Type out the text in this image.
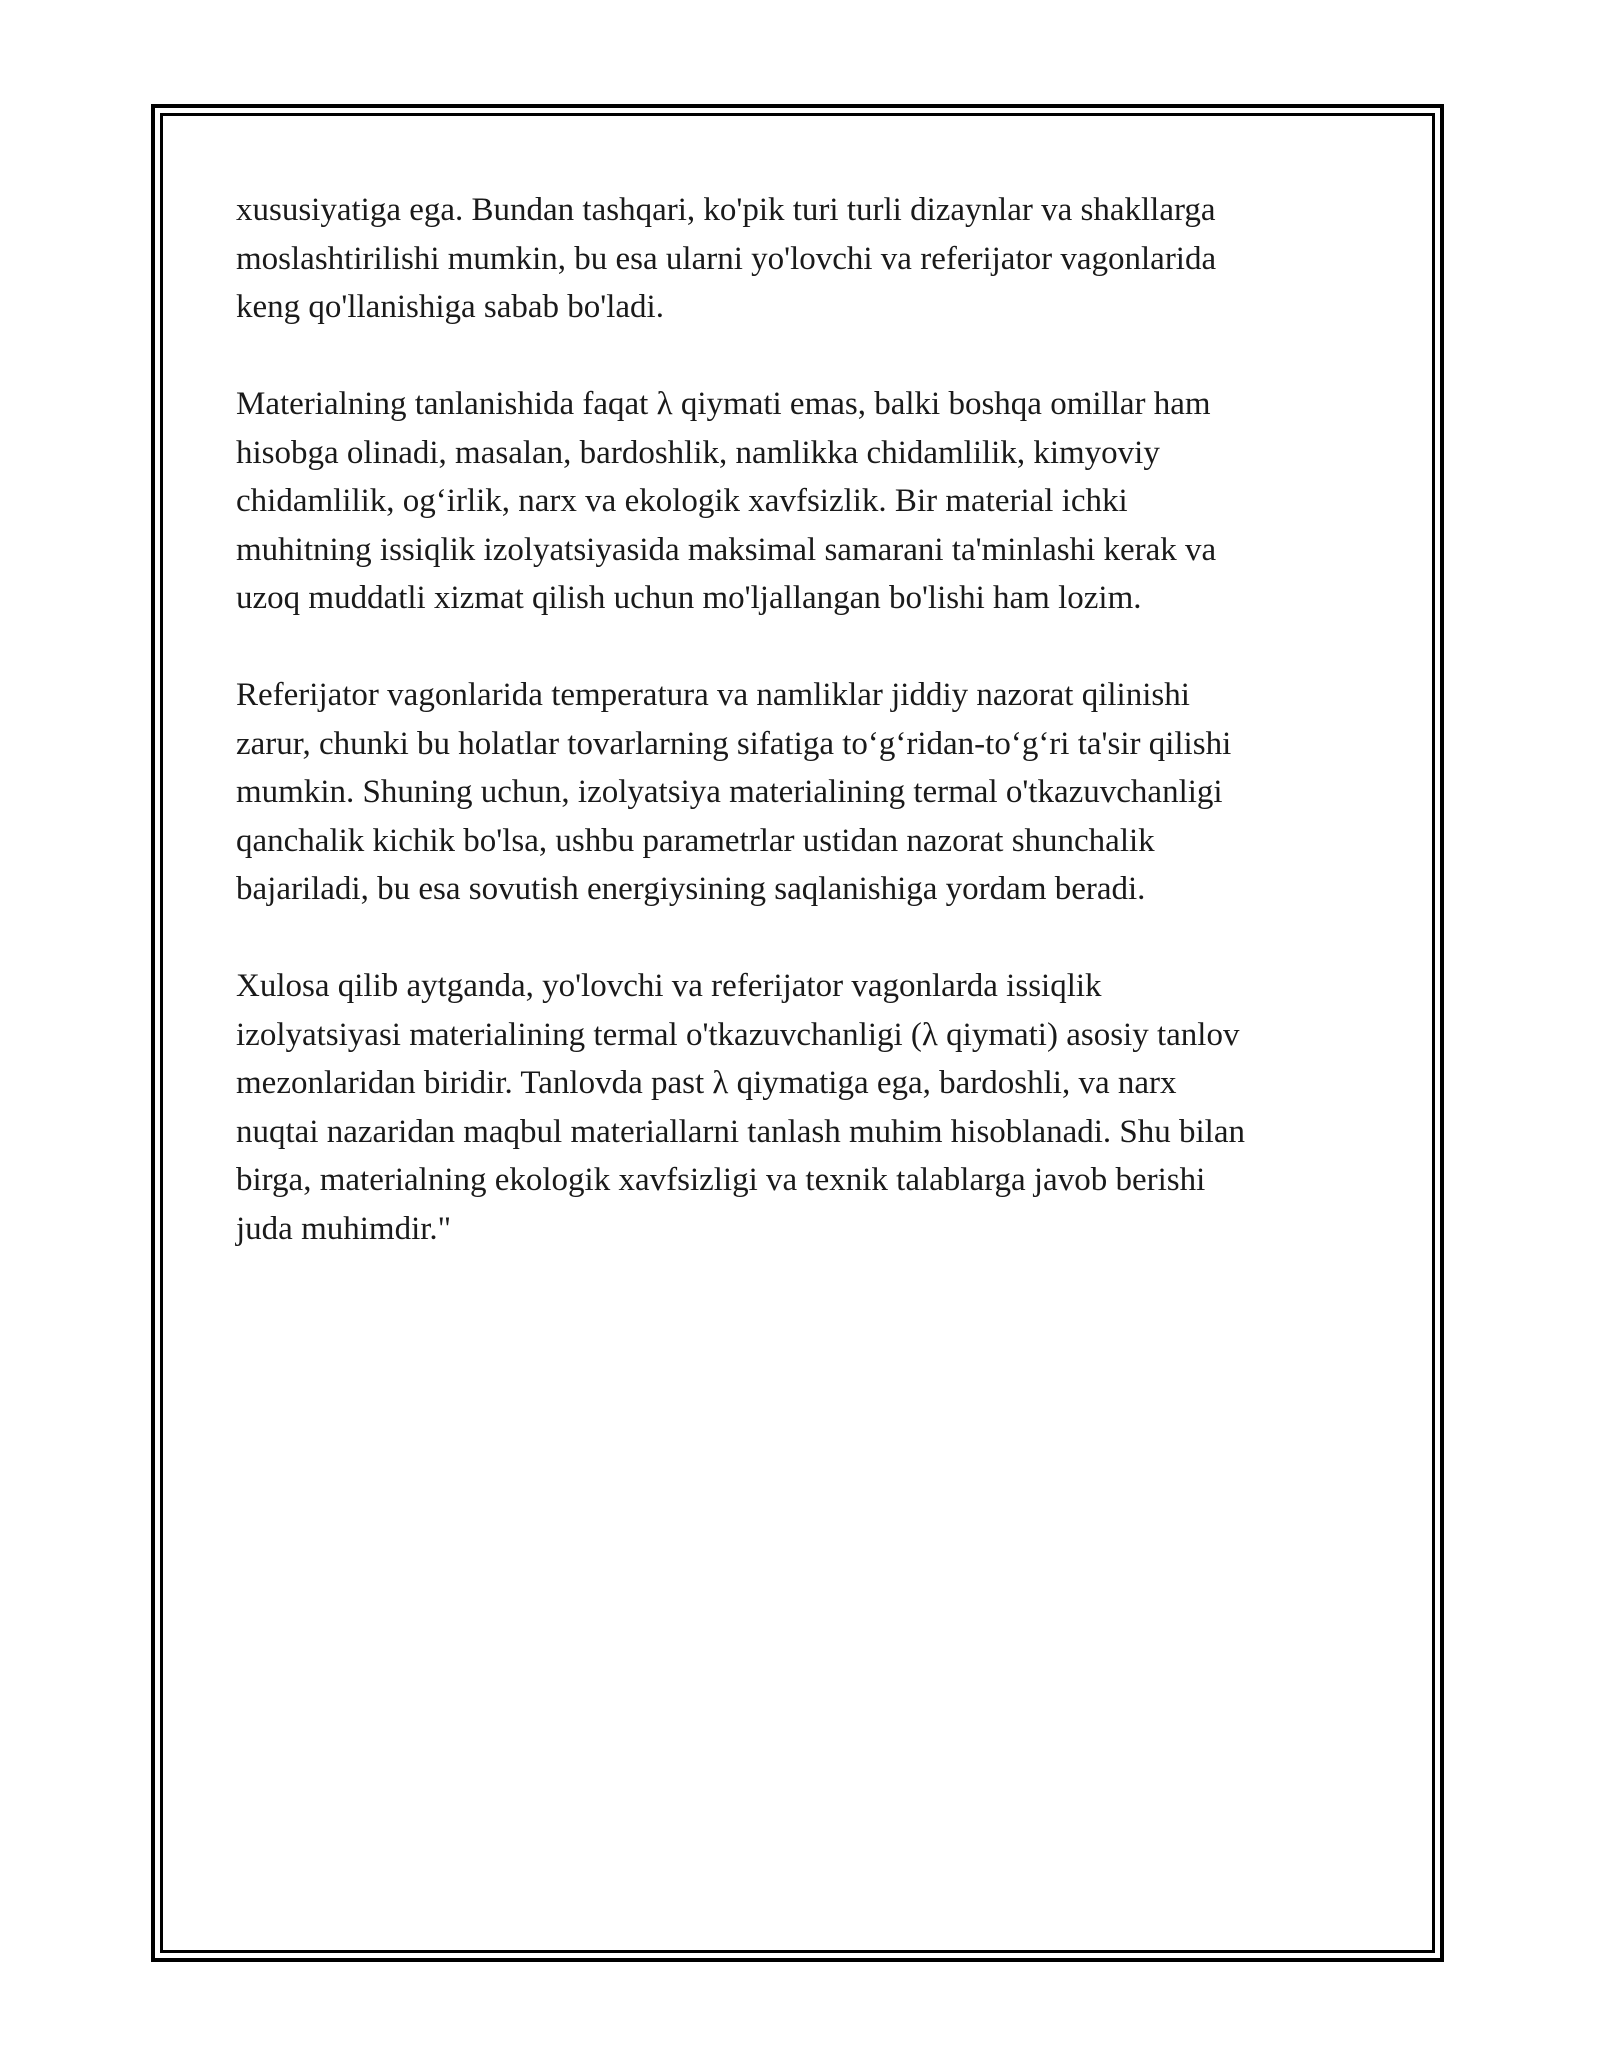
xususiyatiga ega. Bundan tashqari, ko'pik turi turli dizaynlar va shakllarga
moslashtirilishi mumkin, bu esa ularni yo'lovchi va referijator vagonlarida
keng qo'llanishiga sabab bo'ladi.

Materialning tanlanishida faqat λ qiymati emas, balki boshqa omillar ham
hisobga olinadi, masalan, bardoshlik, namlikka chidamlilik, kimyoviy
chidamlilik, ogʻirlik, narx va ekologik xavfsizlik. Bir material ichki
muhitning issiqlik izolyatsiyasida maksimal samarani ta'minlashi kerak va
uzoq muddatli xizmat qilish uchun mo'ljallangan bo'lishi ham lozim.

Referijator vagonlarida temperatura va namliklar jiddiy nazorat qilinishi
zarur, chunki bu holatlar tovarlarning sifatiga toʻgʻridan-toʻgʻri ta'sir qilishi
mumkin. Shuning uchun, izolyatsiya materialining termal o'tkazuvchanligi
qanchalik kichik bo'lsa, ushbu parametrlar ustidan nazorat shunchalik
bajariladi, bu esa sovutish energiysining saqlanishiga yordam beradi.

Xulosa qilib aytganda, yo'lovchi va referijator vagonlarda issiqlik
izolyatsiyasi materialining termal o'tkazuvchanligi (λ qiymati) asosiy tanlov
mezonlaridan biridir. Tanlovda past λ qiymatiga ega, bardoshli, va narx
nuqtai nazaridan maqbul materiallarni tanlash muhim hisoblanadi. Shu bilan
birga, materialning ekologik xavfsizligi va texnik talablarga javob berishi
juda muhimdir."
